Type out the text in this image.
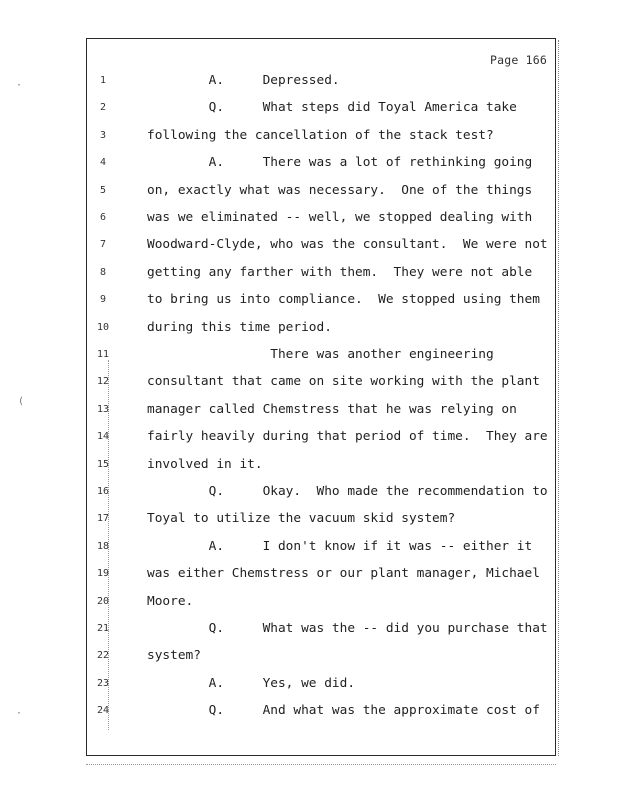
Page 166
1	A.     Depressed.
2	Q.     What steps did Toyal America take
3	following the cancellation of the stack test?
4	A.     There was a lot of rethinking going
5	on, exactly what was necessary.  One of the things
6	was we eliminated -- well, we stopped dealing with
7	Woodward-Clyde, who was the consultant.  We were not
8	getting any farther with them.  They were not able
9	to bring us into compliance.  We stopped using them
10	during this time period.
11	There was another engineering
12	consultant that came on site working with the plant
13	manager called Chemstress that he was relying on
14	fairly heavily during that period of time.  They are
15	involved in it.
16	Q.     Okay.  Who made the recommendation to
17	Toyal to utilize the vacuum skid system?
18	A.     I don't know if it was -- either it
19	was either Chemstress or our plant manager, Michael
20	Moore.
21	Q.     What was the -- did you purchase that
22	system?
23	A.     Yes, we did.
24	Q.     And what was the approximate cost of
·
(
·
